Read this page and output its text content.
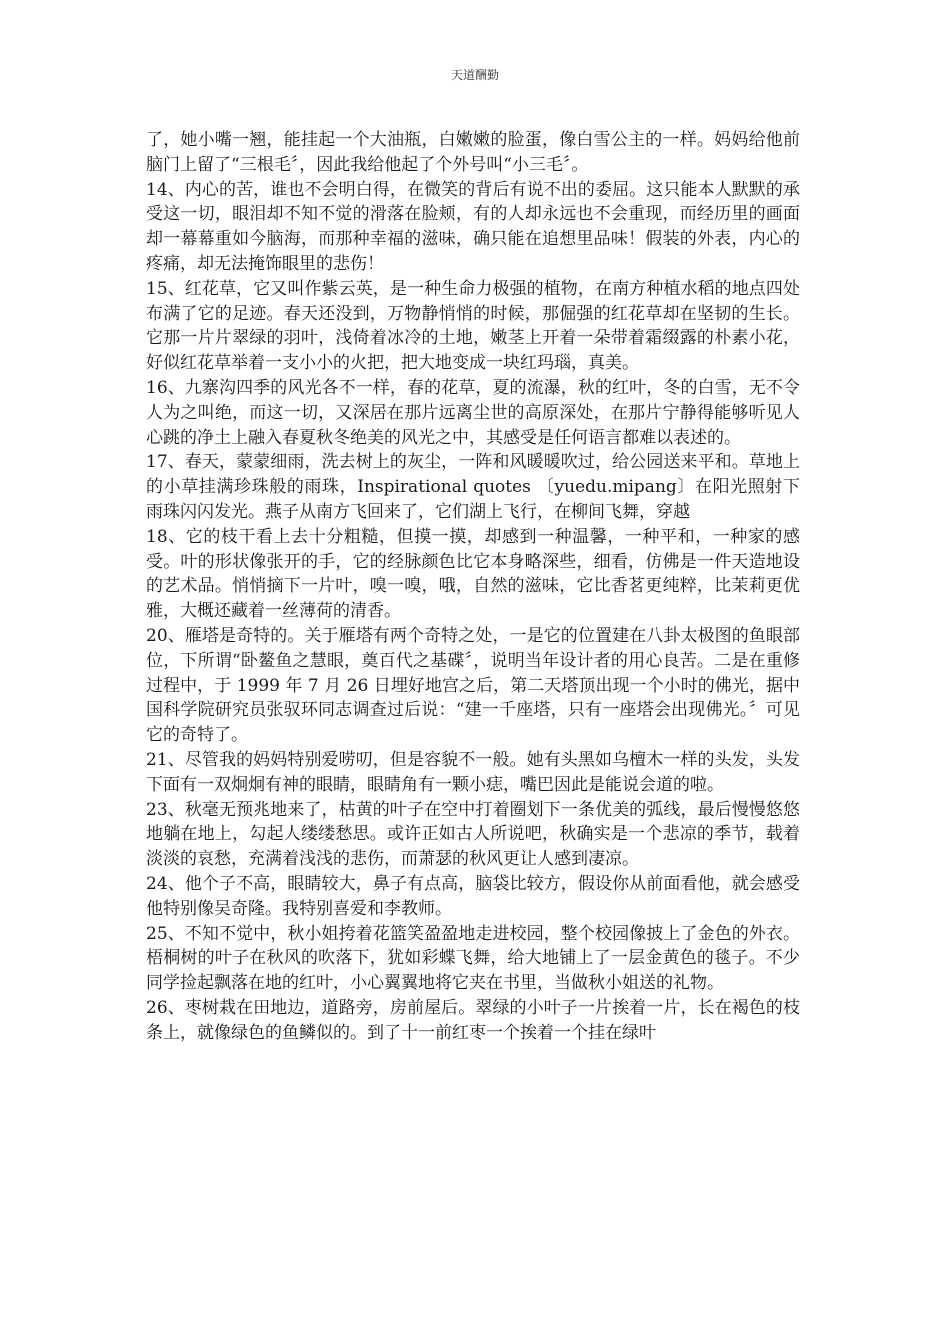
天道酬勤

了，她小嘴一翘，能挂起一个大油瓶，白嫩嫩的脸蛋，像白雪公主的一样。妈妈给他前脑门上留了“三根毛〞，因此我给他起了个外号叫“小三毛〞。

14、内心的苦，谁也不会明白得，在微笑的背后有说不出的委屈。这只能本人默默的承受这一切，眼泪却不知不觉的滑落在脸颊，有的人却永远也不会重现，而经历里的画面却一幕幕重如今脑海，而那种幸福的滋味，确只能在追想里品味！假装的外表，内心的疼痛，却无法掩饰眼里的悲伤！

15、红花草，它又叫作紫云英，是一种生命力极强的植物，在南方种植水稻的地点四处布满了它的足迹。春天还没到，万物静悄悄的时候，那倔强的红花草却在坚韧的生长。它那一片片翠绿的羽叶，浅倚着冰冷的土地，嫩茎上开着一朵带着霜缀露的朴素小花，好似红花草举着一支小小的火把，把大地变成一块红玛瑙，真美。

16、九寨沟四季的风光各不一样，春的花草，夏的流瀑，秋的红叶，冬的白雪，无不令人为之叫绝，而这一切，又深居在那片远离尘世的高原深处，在那片宁静得能够听见人心跳的净土上融入春夏秋冬绝美的风光之中，其感受是任何语言都难以表述的。

17、春天，蒙蒙细雨，洗去树上的灰尘，一阵和风暖暖吹过，给公园送来平和。草地上的小草挂满珍珠般的雨珠，Inspirational quotes 〔yuedu.mipang〕在阳光照射下雨珠闪闪发光。燕子从南方飞回来了，它们湖上飞行，在柳间飞舞，穿越

18、它的枝干看上去十分粗糙，但摸一摸，却感到一种温馨，一种平和，一种家的感受。叶的形状像张开的手，它的经脉颜色比它本身略深些，细看，仿佛是一件天造地设的艺术品。悄悄摘下一片叶，嗅一嗅，哦，自然的滋味，它比香茗更纯粹，比茉莉更优雅，大概还藏着一丝薄荷的清香。

20、雁塔是奇特的。关于雁塔有两个奇特之处，一是它的位置建在八卦太极图的鱼眼部位，下所谓“卧鳌鱼之慧眼，奠百代之基碟〞，说明当年设计者的用心良苦。二是在重修过程中，于 1999 年 7 月 26 日埋好地宫之后，第二天塔顶出现一个小时的佛光，据中国科学院研究员张驭环同志调查过后说：“建一千座塔，只有一座塔会出现佛光。〞可见它的奇特了。

21、尽管我的妈妈特别爱唠叨，但是容貌不一般。她有头黑如乌檀木一样的头发，头发下面有一双炯炯有神的眼睛，眼睛角有一颗小痣，嘴巴因此是能说会道的啦。

23、秋毫无预兆地来了，枯黄的叶子在空中打着圈划下一条优美的弧线，最后慢慢悠悠地躺在地上，勾起人缕缕愁思。或许正如古人所说吧，秋确实是一个悲凉的季节，载着淡淡的哀愁，充满着浅浅的悲伤，而萧瑟的秋风更让人感到凄凉。

24、他个子不高，眼睛较大，鼻子有点高，脑袋比较方，假设你从前面看他，就会感受他特别像吴奇隆。我特别喜爱和李教师。

25、不知不觉中，秋小姐挎着花篮笑盈盈地走进校园，整个校园像披上了金色的外衣。梧桐树的叶子在秋风的吹落下，犹如彩蝶飞舞，给大地铺上了一层金黄色的毯子。不少同学捡起飘落在地的红叶，小心翼翼地将它夹在书里，当做秋小姐送的礼物。

26、枣树栽在田地边，道路旁，房前屋后。翠绿的小叶子一片挨着一片，长在褐色的枝条上，就像绿色的鱼鳞似的。到了十一前红枣一个挨着一个挂在绿叶
